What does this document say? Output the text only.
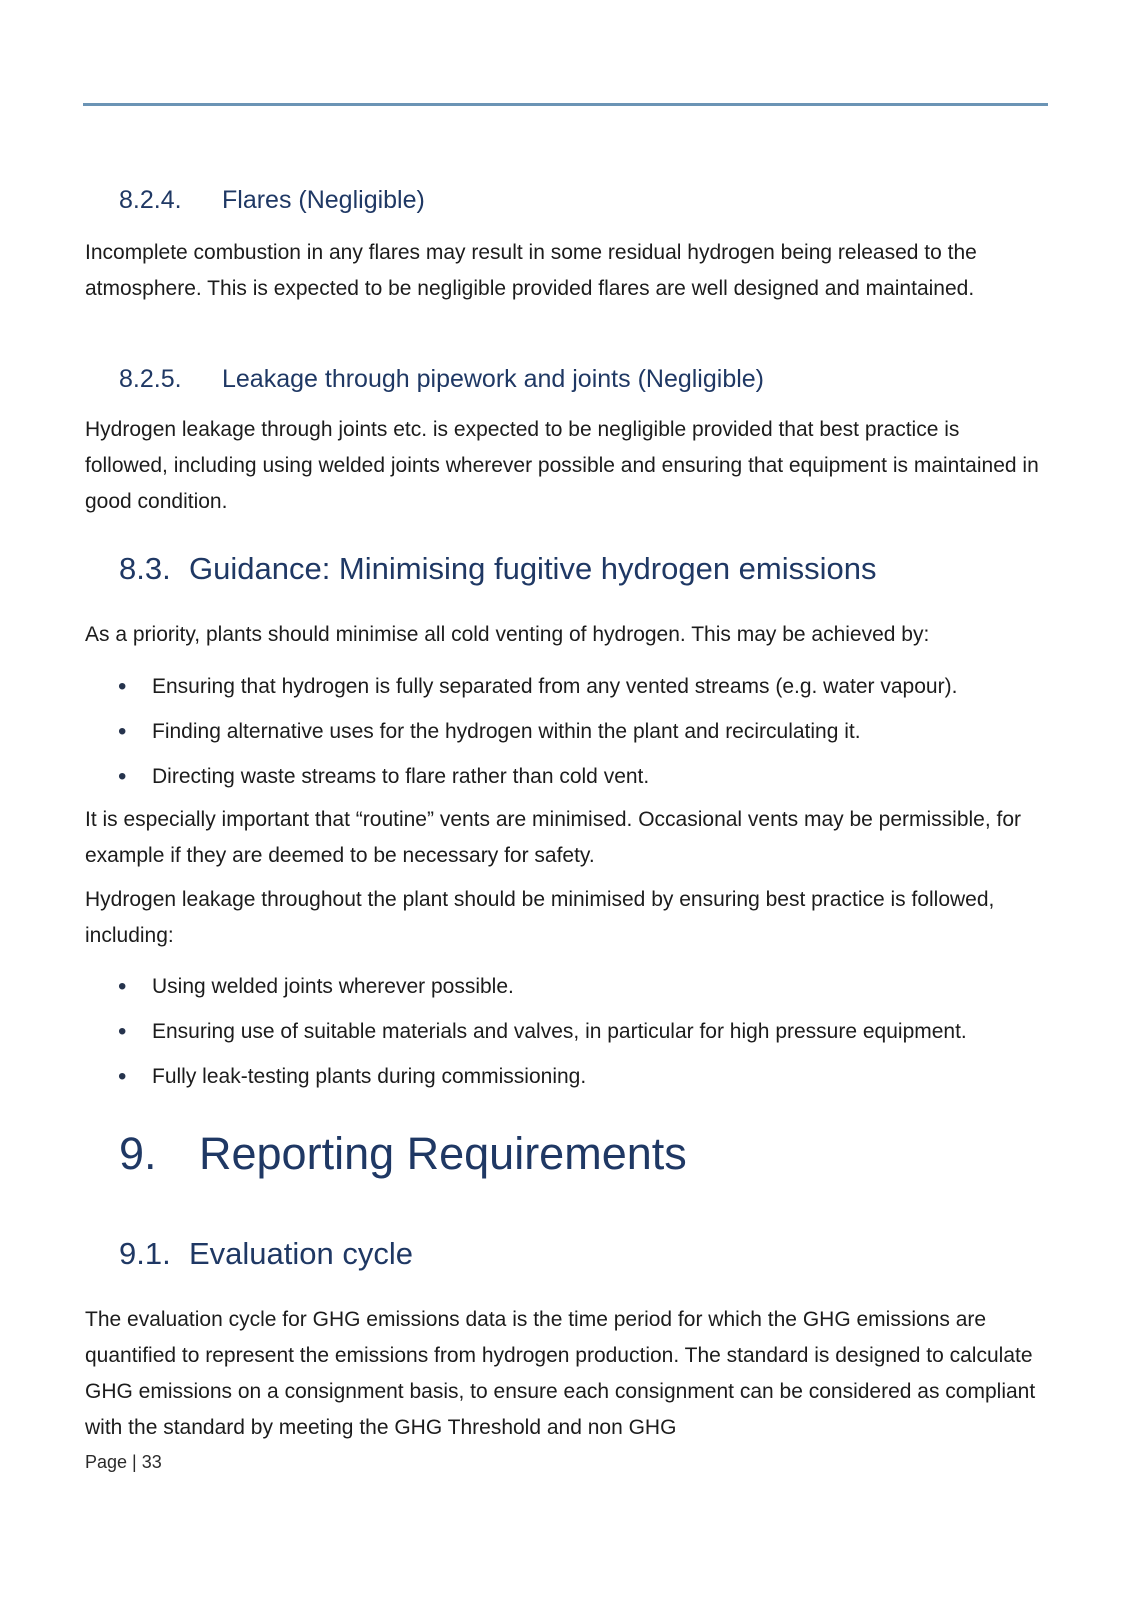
8.2.4.	Flares (Negligible)

Incomplete combustion in any flares may result in some residual hydrogen being released to the atmosphere. This is expected to be negligible provided flares are well designed and maintained.

8.2.5.	Leakage through pipework and joints (Negligible)

Hydrogen leakage through joints etc. is expected to be negligible provided that best practice is followed, including using welded joints wherever possible and ensuring that equipment is maintained in good condition.

8.3. Guidance: Minimising fugitive hydrogen emissions

As a priority, plants should minimise all cold venting of hydrogen. This may be achieved by:

• Ensuring that hydrogen is fully separated from any vented streams (e.g. water vapour).
• Finding alternative uses for the hydrogen within the plant and recirculating it.
• Directing waste streams to flare rather than cold vent.

It is especially important that “routine” vents are minimised. Occasional vents may be permissible, for example if they are deemed to be necessary for safety.

Hydrogen leakage throughout the plant should be minimised by ensuring best practice is followed, including:

• Using welded joints wherever possible.
• Ensuring use of suitable materials and valves, in particular for high pressure equipment.
• Fully leak-testing plants during commissioning.
9. Reporting Requirements
9.1. Evaluation cycle

The evaluation cycle for GHG emissions data is the time period for which the GHG emissions are quantified to represent the emissions from hydrogen production. The standard is designed to calculate GHG emissions on a consignment basis, to ensure each consignment can be considered as compliant with the standard by meeting the GHG Threshold and non GHG

Page | 33
